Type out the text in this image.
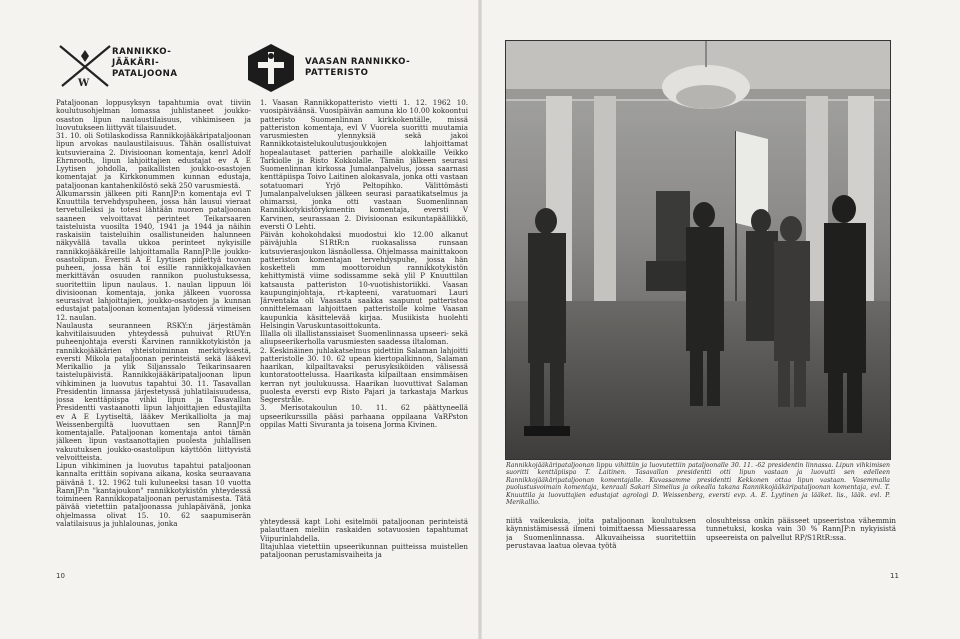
W
RANNIKKO-
JÄÄKÄRI-
PATALJOONA
Pataljoonan loppusyksyn tapahtumia ovat tiiviin koulutusohjelman lomassa juhlistaneet joukko-osaston lipun naulaustilaisuus, vihkimiseen ja luovutukseen liittyvät tilaisuudet.
31. 10. oli Sotilaskodissa Rannikkojääkäripataljoonan lipun arvokas naulaustilaisuus. Tähän osallistuivat kutsuvieraina 2. Divisioonan komentaja, kenrl Adolf Ehrnrooth, lipun lahjoittajien edustajat ev A E Lyytisen johdolla, paikallisten joukko-osastojen komentajat ja Kirkkonummen kunnan edustaja, pataljoonan kantahenkilöstö sekä 250 varusmiestä.
Alkumarssin jälkeen piti RannJP:n komentaja evl T Knuuttila tervehdyspuheen, jossa hän lausui vieraat tervetulleiksi ja totesi lähtään nuoren pataljoonan saaneen velvoittavat perinteet Teikarsaaren taisteluista vuosilta 1940, 1941 ja 1944 ja näihin raskaisiin taisteluihin osallistuneiden halunneen näkyvällä tavalla ukkoa perinteet nykyisille rannikkojääkäreille lahjoittamalla RannJP:lle joukko-osastolipun. Eversti A E Lyytisen pidettyä tuovan puheen, jossa hän toi esille rannikkojalkaväen merkittävän osuuden rannikon puolustuksessa, suoritettiin lipun naulaus. 1. naulan lippuun löi divisioonan komentaja, jonka jälkeen vuorossa seurasivat lahjoittajien, joukko-osastojen ja kunnan edustajat pataljoonan komentajan lyödessä viimeisen 12. naulan.
Naulausta seuranneen RSKY:n järjestämän kahvitilaisuuden yhteydessä puhuivat RtUY:n puheenjohtaja eversti Karvinen rannikkotykistön ja rannikkojääkärien yhteistoiminnan merkityksestä, eversti Mikola pataljoonan perinteistä sekä lääkevl Merikallio ja ylik Siljanssalo Teikarinsaaren taistelupäivistä. Rannikkojääkäripataljoonan lipun vihkiminen ja luovutus tapahtui 30. 11. Tasavallan Presidentin linnassa järjestetyssä juhlatilaisuudessa, jossa kenttäpiispa vihki lipun ja Tasavallan Presidentti vastaanotti lipun lahjoittajien edustajilta ev A E Lyytiseltä, lääkev Merikalliolta ja maj Weissenbergiltä luovuttaen sen RannJP:n komentajalle. Pataljoonan komentaja antoi tämän jälkeen lipun vastaanottajien puolesta juhlallisen vakuutuksen joukko-osastolipun käyttöön liittyvistä velvoitteista.
Lipun vihkiminen ja luovutus tapahtui pataljoonan kannalta erittäin sopivana aikana, koska seuraavana päivänä 1. 12. 1962 tuli kuluneeksi tasan 10 vuotta RannJP:n "kantajoukon" rannikkotykistön yhteydessä toimineen Rannikkopataljoonan perustamisesta. Tätä päivää vietettiin pataljoonassa juhlapäivänä, jonka ohjelmassa olivat 15. 10. 62 saapumiserän valatilaisuus ja juhlalounas, jonka
VAASAN RANNIKKO-
PATTERISTO
1. Vaasan Rannikkopatteristo vietti 1. 12. 1962 10. vuosipäiväänsä. Vuosipäivän aamuna klo 10.00 kokoontui patteristo Suomenlinnan kirkkokentälle, missä patteriston komentaja, evl V Vuorela suoritti muutamia varusmiesten ylennyksiä sekä jakoi Rannikkotaistelukoulutusjoukkojen lahjoittamat hopealautaset patterien parhaille alokkaille Veikko Tarkiolle ja Risto Kokkolalle. Tämän jälkeen seurasi Suomenlinnan kirkossa Jumalanpalvelus, jossa saarnasi kenttäpiispa Toivo Laitinen alokasvala, jonka otti vastaan sotatuomari Yrjö Peltopihko. Välittömästi Jumalanpalveluksen jälkeen seurasi paraatikatselmus ja ohimarssi, jonka otti vastaan Suomenlinnan Rannikkotykistörykmentin komentaja, eversti V Karvinen, seurassaan 2. Divisioonan esikuntapäällikkö, eversti O Lehti.
Päivän kohokohdaksi muodostui klo 12.00 alkanut päiväjuhla S1RtR:n ruokasalissa runsaan kutsuvierasjoukon läsnäollessa. Ohjelmassa mainittakoon patteriston komentajan tervehdyspuhe, jossa hän kosketteli mm moottoroidun rannikkotykistön kehittymistä viime sodissamme sekä ylil P Knuuttilan katsausta patteriston 10-vuotishistoriikki. Vaasan kaupunginjohtaja, rt-kapteeni, varatuomari Lauri Järventaka oli Vaasasta saakka saapunut patteristoa onnittelemaan lahjoittaen patteristolle kolme Vaasan kaupunkia käsittelevää kirjaa. Musiikista huolehti Helsingin Varuskuntasoittokunta.
Illalla oli illallistanssiaiset Suomenlinnassa upseeri- sekä aliupseerikerholla varusmiesten saadessa iltaloman.
2. Keskinäinen juhlakatselmus pidettiin Salaman lahjoitti patteristolle 30. 10. 62 upean kiertopalkinnon, Salaman haarikan, kilpailtavaksi perusyksiköiden välisessä kuntoratoottelussa. Haarikasta kilpailtaan ensimmäisen kerran nyt joulukuussa. Haarikan luovuttivat Salaman puolesta eversti evp Risto Pajari ja tarkastaja Markus Segerstråle.
3. Merisotakoulun 10. 11. 62 päättyneellä upseerikurssilla pääsi parhaana oppilaana VaRPston oppilas Matti Sivuranta ja toisena Jorma Kivinen.
yhteydessä kapt Lohi esitelmöi pataljoonan perinteistä palauttaen mieliin raskaiden sotavuosien tapahtumat Viipurinlahdella.
Iltajuhlaa vietettiin upseerikunnan puitteissa muistellen pataljoonan perustamisvaiheita ja
10
Rannikkojääkäripataljoonan lippu vihittiin ja luovutettiin pataljoonalle 30. 11. -62 presidentin linnassa. Lipun vihkimisen suoritti kenttäpiispa T. Laitinen. Tasavallan presidentti otti lipun vastaan ja luovutti sen edelleen Rannikkojääkäripataljoonan komentajalle. Kuvassamme presidentti Kekkonen ottaa lipun vastaan. Vasemmalla puolustusvoimain komentaja, kenraali Sakari Simelius ja oikealla takana Rannikkojääkäripataljoonan komentaja, evl. T. Knuuttila ja luovuttajien edustajat agrologi D. Weissenberg, eversti evp. A. E. Lyytinen ja lääket. lis., lääk. evl. P. Merikallio.
niitä vaikeuksia, joita pataljoonan koulutuksen käynnistämisessä ilmeni toimittaessa Miessaaressa ja Suomenlinnassa. Alkuvaiheissa suoritettiin perustavaa laatua olevaa työtä
olosuhteissa onkin päässeet upseeristoa vähemmin tunnetuksi, koska vain 30 % RannJP:n nykyisistä upseereista on palvellut RP/S1RtR:ssa.
11
